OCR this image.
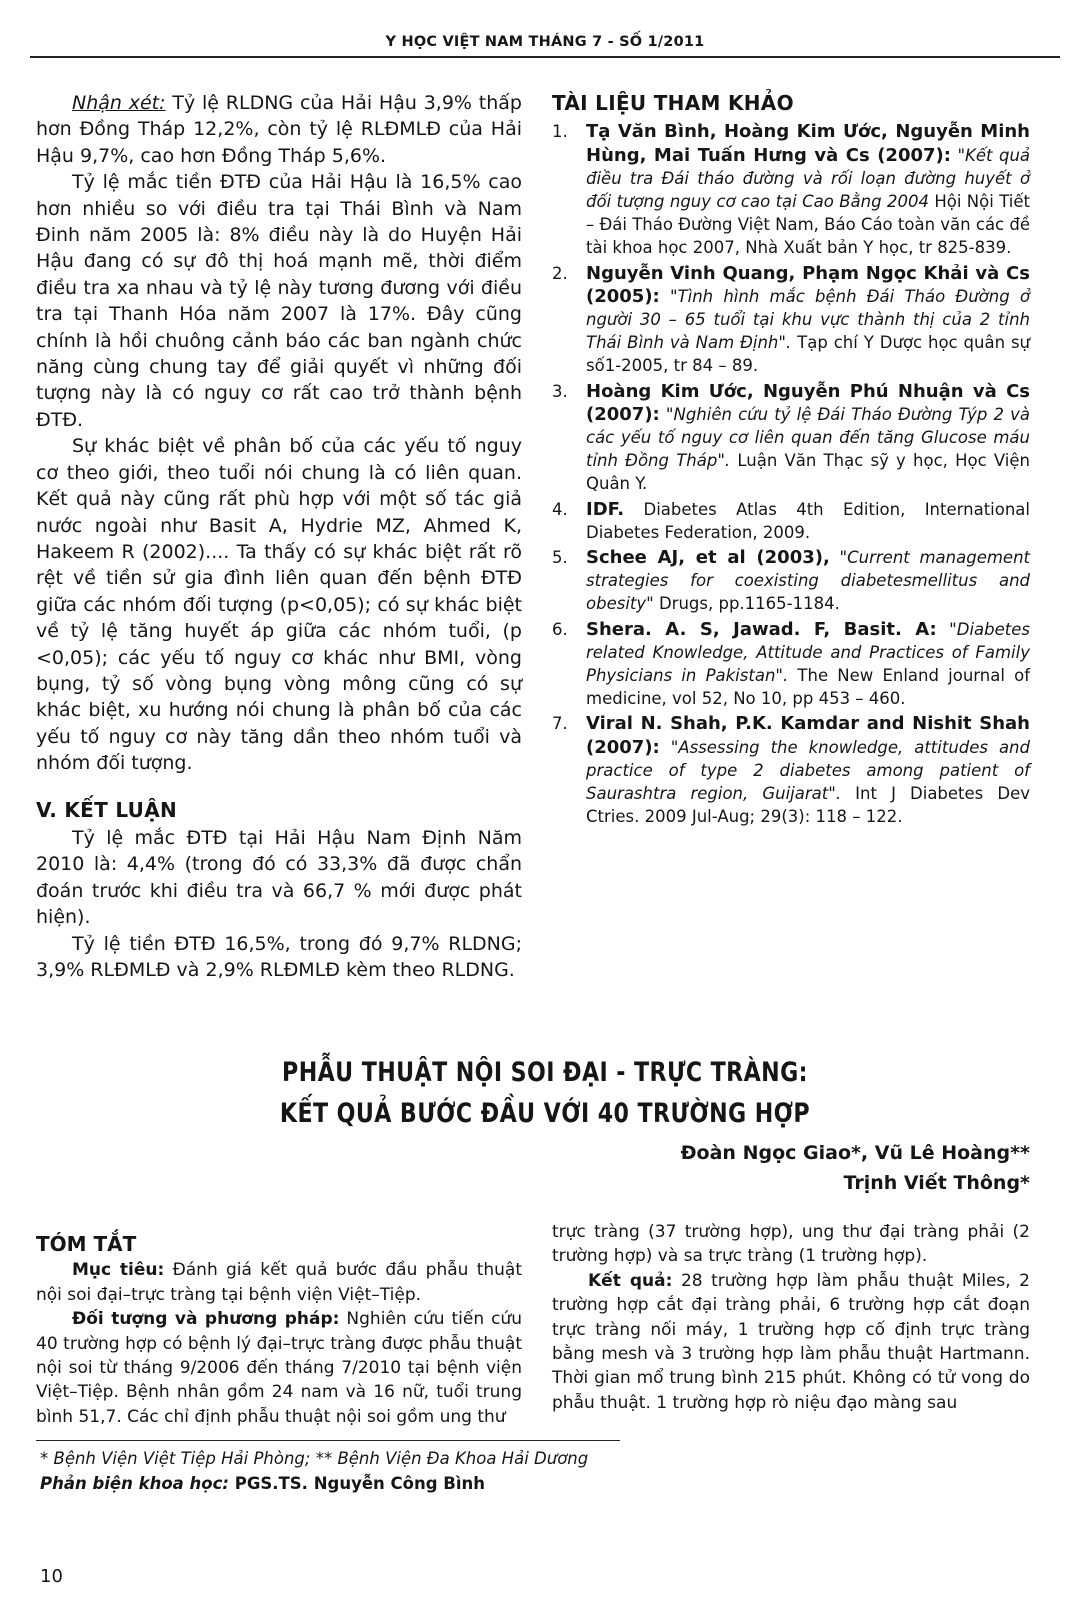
Y HỌC VIỆT NAM THÁNG 7 - SỐ 1/2011

Nhận xét: Tỷ lệ RLDNG của Hải Hậu 3,9% thấp hơn Đồng Tháp 12,2%, còn tỷ lệ RLĐMLĐ của Hải Hậu 9,7%, cao hơn Đồng Tháp 5,6%.

Tỷ lệ mắc tiền ĐTĐ của Hải Hậu là 16,5% cao hơn nhiều so với điều tra tại Thái Bình và Nam Đinh năm 2005 là: 8% điều này là do Huyện Hải Hậu đang có sự đô thị hoá mạnh mẽ, thời điểm điều tra xa nhau và tỷ lệ này tương đương với điều tra tại Thanh Hóa năm 2007 là 17%. Đây cũng chính là hồi chuông cảnh báo các ban ngành chức năng cùng chung tay để giải quyết vì những đối tượng này là có nguy cơ rất cao trở thành bệnh ĐTĐ.

Sự khác biệt về phân bố của các yếu tố nguy cơ theo giới, theo tuổi nói chung là có liên quan. Kết quả này cũng rất phù hợp với một số tác giả nước ngoài như Basit A, Hydrie MZ, Ahmed K, Hakeem R (2002).... Ta thấy có sự khác biệt rất rõ rệt về tiền sử gia đình liên quan đến bệnh ĐTĐ giữa các nhóm đối tượng (p<0,05); có sự khác biệt về tỷ lệ tăng huyết áp giữa các nhóm tuổi, (p <0,05); các yếu tố nguy cơ khác như BMI, vòng bụng, tỷ số vòng bụng vòng mông cũng có sự khác biệt, xu hướng nói chung là phân bố của các yếu tố nguy cơ này tăng dần theo nhóm tuổi và nhóm đối tượng.

V. KẾT LUẬN

Tỷ lệ mắc ĐTĐ tại Hải Hậu Nam Định Năm 2010 là: 4,4% (trong đó có 33,3% đã được chẩn đoán trước khi điều tra và 66,7 % mới được phát hiện).

Tỷ lệ tiền ĐTĐ 16,5%, trong đó 9,7% RLDNG; 3,9% RLĐMLĐ và 2,9% RLĐMLĐ kèm theo RLDNG.

TÀI LIỆU THAM KHẢO

1.	Tạ Văn Bình, Hoàng Kim Ước, Nguyễn Minh Hùng, Mai Tuấn Hưng và Cs (2007): "Kết quả điều tra Đái tháo đường và rối loạn đường huyết ở đối tượng nguy cơ cao tại Cao Bằng 2004 Hội Nội Tiết – Đái Tháo Đường Việt Nam, Báo Cáo toàn văn các đề tài khoa học 2007, Nhà Xuất bản Y học, tr 825-839.
2.	Nguyễn Vinh Quang, Phạm Ngọc Khải và Cs (2005): "Tình hình mắc bệnh Đái Tháo Đường ở người 30 – 65 tuổi tại khu vực thành thị của 2 tỉnh Thái Bình và Nam Định". Tạp chí Y Dược học quân sự số1-2005, tr 84 – 89.
3.	Hoàng Kim Ước, Nguyễn Phú Nhuận và Cs (2007): "Nghiên cứu tỷ lệ Đái Tháo Đường Týp 2 và các yếu tố nguy cơ liên quan đến tăng Glucose máu tỉnh Đồng Tháp". Luận Văn Thạc sỹ y học, Học Viện Quân Y.
4.	IDF. Diabetes Atlas 4th Edition, International Diabetes Federation, 2009.
5.	Schee AJ, et al (2003), "Current management strategies for coexisting diabetesmellitus and obesity" Drugs, pp.1165-1184.
6.	Shera. A. S, Jawad. F, Basit. A: "Diabetes related Knowledge, Attitude and Practices of Family Physicians in Pakistan". The New Enland journal of medicine, vol 52, No 10, pp 453 – 460.
7.	Viral N. Shah, P.K. Kamdar and Nishit Shah (2007): "Assessing the knowledge, attitudes and practice of type 2 diabetes among patient of Saurashtra region, Guijarat". Int J Diabetes Dev Ctries. 2009 Jul-Aug; 29(3): 118 – 122.
PHẪU THUẬT NỘI SOI ĐẠI - TRỰC TRÀNG:
KẾT QUẢ BƯỚC ĐẦU VỚI 40 TRƯỜNG HỢP
Đoàn Ngọc Giao*, Vũ Lê Hoàng**
Trịnh Viết Thông*

TÓM TẮT

Mục tiêu: Đánh giá kết quả bước đầu phẫu thuật nội soi đại–trực tràng tại bệnh viện Việt–Tiệp.

Đối tượng và phương pháp: Nghiên cứu tiến cứu 40 trường hợp có bệnh lý đại–trực tràng được phẫu thuật nội soi từ tháng 9/2006 đến tháng 7/2010 tại bệnh viện Việt–Tiệp. Bệnh nhân gồm 24 nam và 16 nữ, tuổi trung bình 51,7. Các chỉ định phẫu thuật nội soi gồm ung thư

trực tràng (37 trường hợp), ung thư đại tràng phải (2 trường hợp) và sa trực tràng (1 trường hợp).

Kết quả: 28 trường hợp làm phẫu thuật Miles, 2 trường hợp cắt đại tràng phải, 6 trường hợp cắt đoạn trực tràng nối máy, 1 trường hợp cố định trực tràng bằng mesh và 3 trường hợp làm phẫu thuật Hartmann. Thời gian mổ trung bình 215 phút. Không có tử vong do phẫu thuật. 1 trường hợp rò niệu đạo màng sau

* Bệnh Viện Việt Tiệp Hải Phòng; ** Bệnh Viện Đa Khoa Hải Dương
Phản biện khoa học: PGS.TS. Nguyễn Công Bình
10
